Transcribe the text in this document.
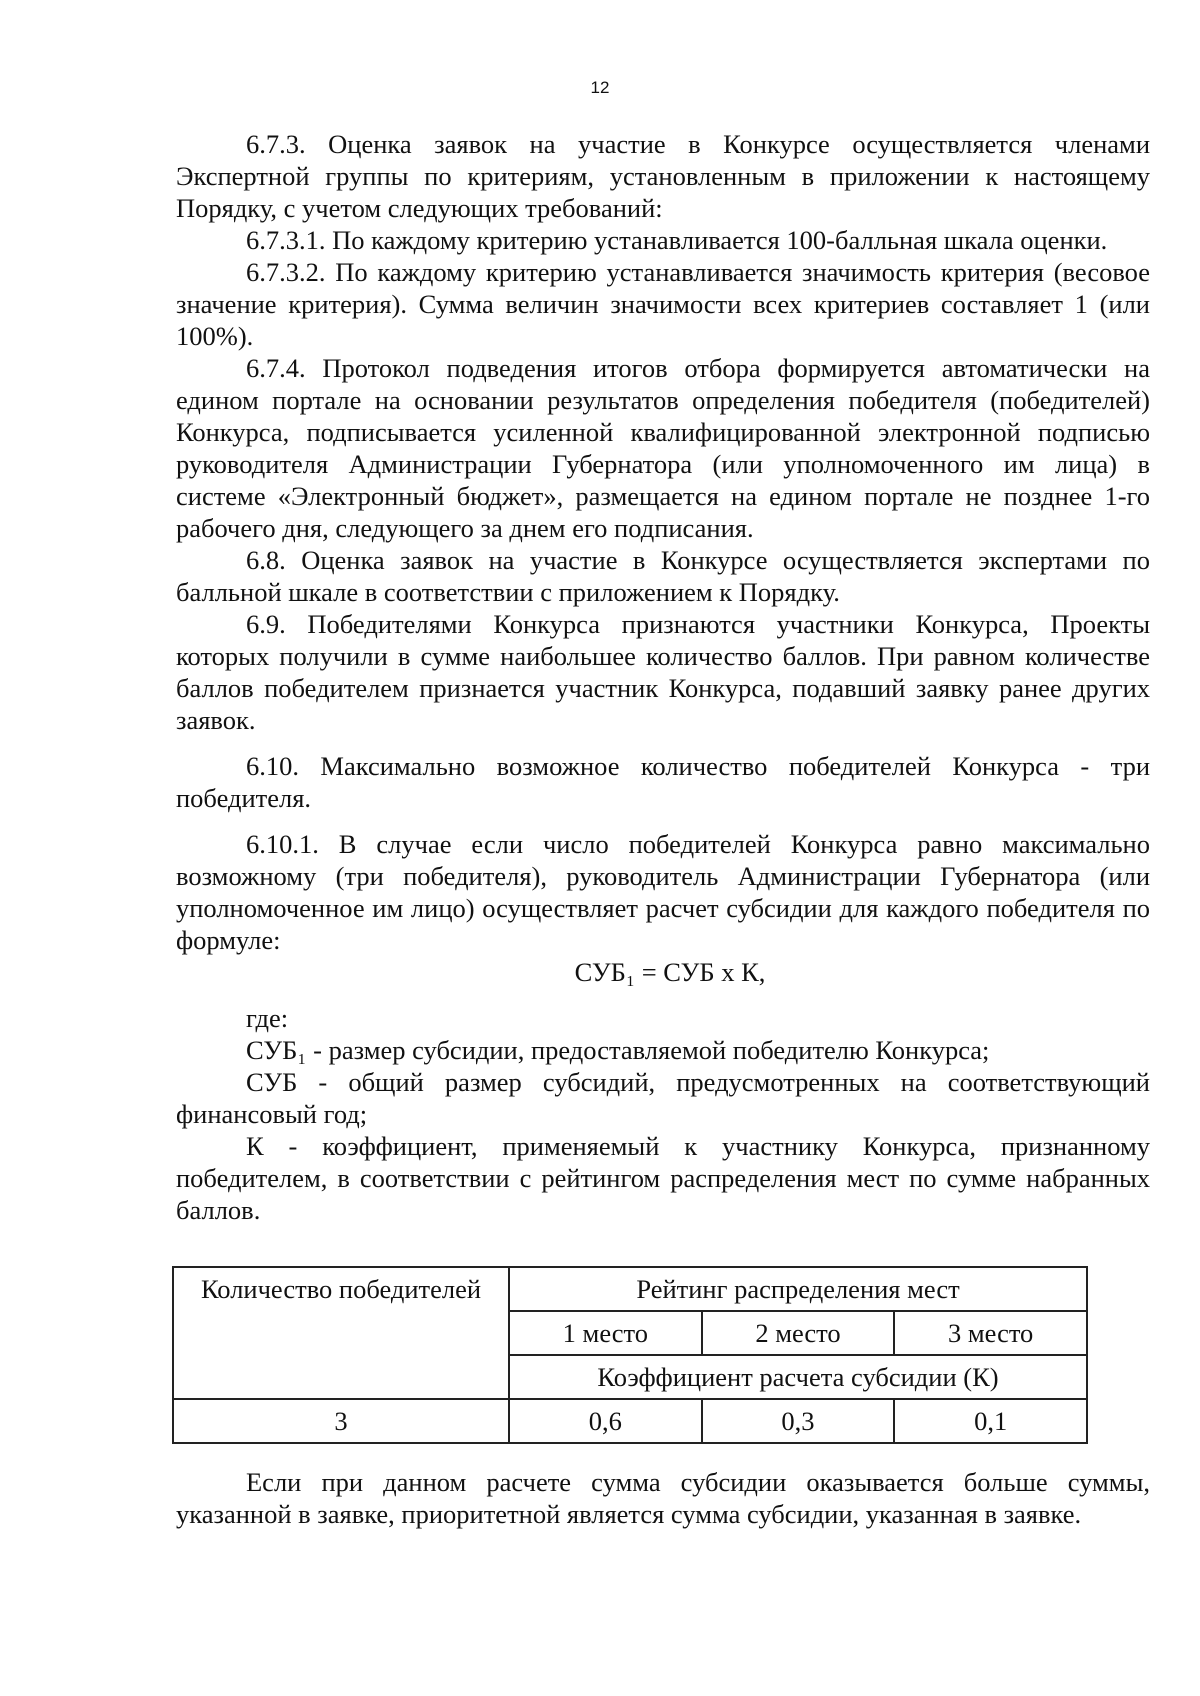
12

6.7.3. Оценка заявок на участие в Конкурсе осуществляется членами Экспертной группы по критериям, установленным в приложении к настоящему Порядку, с учетом следующих требований:

6.7.3.1. По каждому критерию устанавливается 100-балльная шкала оценки.

6.7.3.2. По каждому критерию устанавливается значимость критерия (весовое значение критерия). Сумма величин значимости всех критериев составляет 1 (или 100%).

6.7.4. Протокол подведения итогов отбора формируется автоматически на едином портале на основании результатов определения победителя (победителей) Конкурса, подписывается усиленной квалифицированной электронной подписью руководителя Администрации Губернатора (или уполномоченного им лица) в системе «Электронный бюджет», размещается на едином портале не позднее 1-го рабочего дня, следующего за днем его подписания.

6.8. Оценка заявок на участие в Конкурсе осуществляется экспертами по балльной шкале в соответствии с приложением к Порядку.

6.9. Победителями Конкурса признаются участники Конкурса, Проекты которых получили в сумме наибольшее количество баллов. При равном количестве баллов победителем признается участник Конкурса, подавший заявку ранее других заявок.

6.10. Максимально возможное количество победителей Конкурса - три победителя.

6.10.1. В случае если число победителей Конкурса равно максимально возможному (три победителя), руководитель Администрации Губернатора (или уполномоченное им лицо) осуществляет расчет субсидии для каждого победителя по формуле:

СУБ₁ = СУБ х К,

где:

СУБ₁ - размер субсидии, предоставляемой победителю Конкурса;

СУБ - общий размер субсидий, предусмотренных на соответствующий финансовый год;

К - коэффициент, применяемый к участнику Конкурса, признанному победителем, в соответствии с рейтингом распределения мест по сумме набранных баллов.

Количество победителей	Рейтинг распределения мест		
	1 место	2 место	3 место
	Коэффициент расчета субсидии (К)		
3	0,6	0,3	0,1

Если при данном расчете сумма субсидии оказывается больше суммы, указанной в заявке, приоритетной является сумма субсидии, указанная в заявке.
